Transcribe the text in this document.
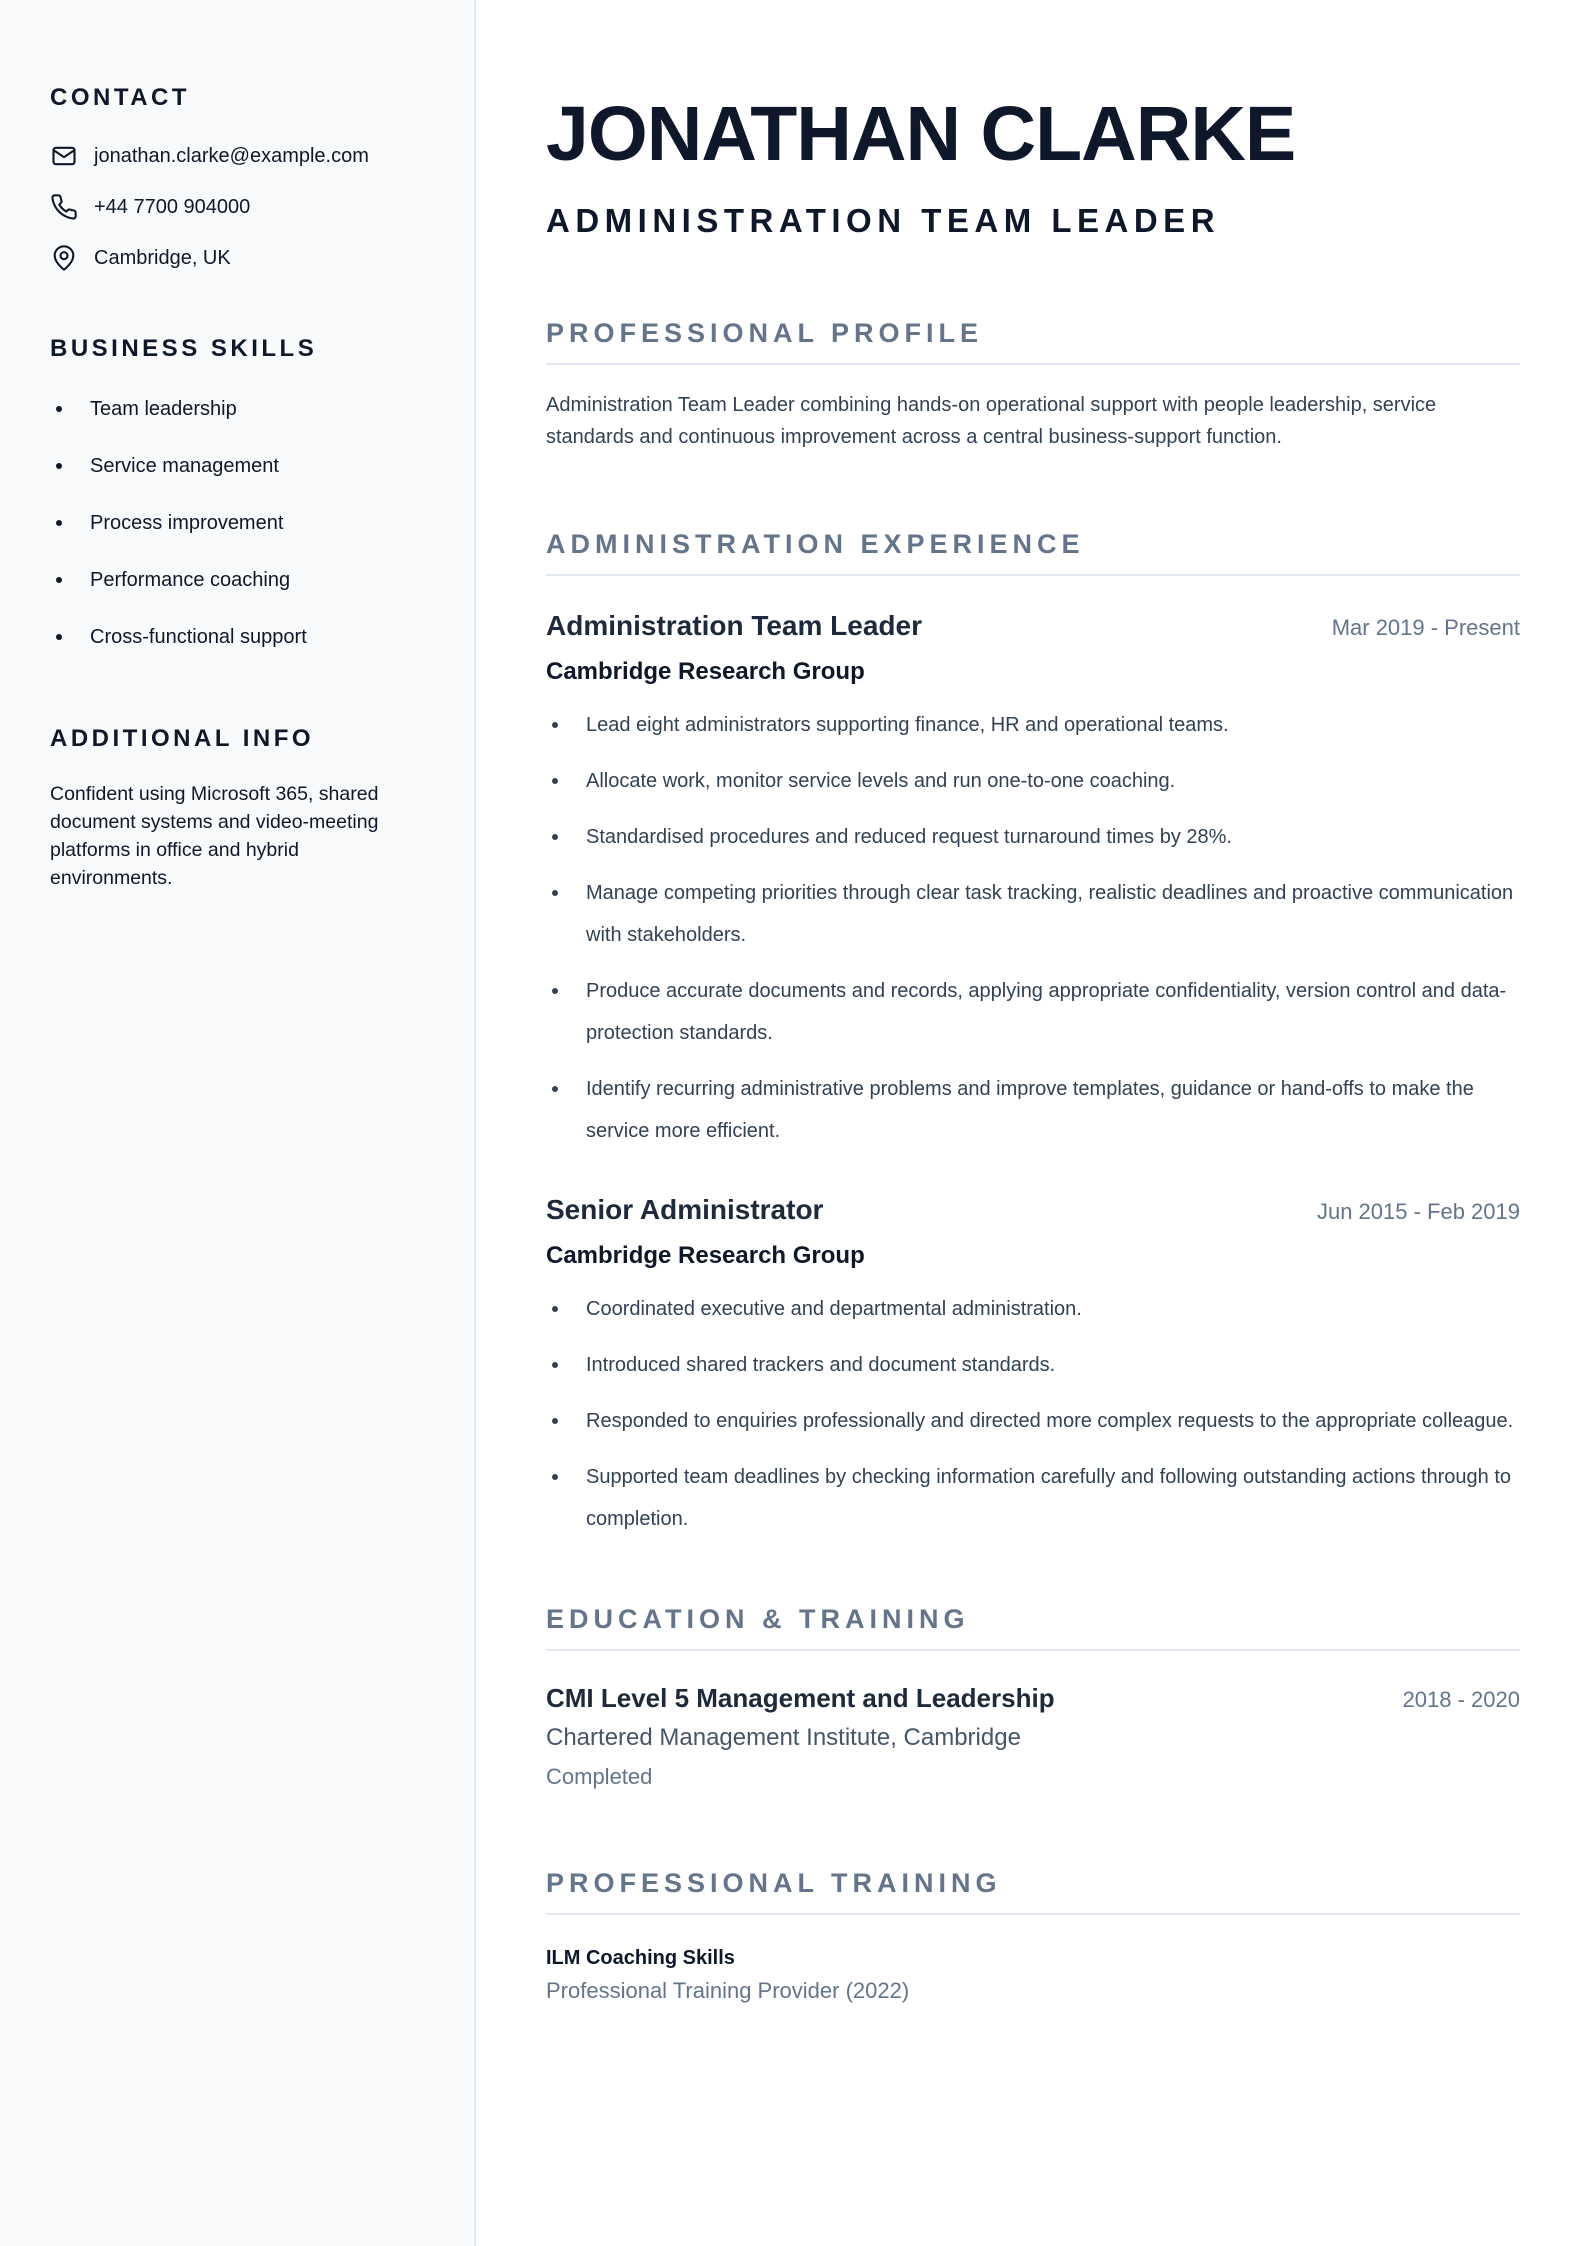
CONTACT
jonathan.clarke@example.com
+44 7700 904000
Cambridge, UK
BUSINESS SKILLS
Team leadership
Service management
Process improvement
Performance coaching
Cross-functional support
ADDITIONAL INFO

Confident using Microsoft 365, shared document systems and video-meeting platforms in office and hybrid environments.

JONATHAN CLARKE
ADMINISTRATION TEAM LEADER
PROFESSIONAL PROFILE

Administration Team Leader combining hands-on operational support with people leadership, service standards and continuous improvement across a central business-support function.

ADMINISTRATION EXPERIENCE
Administration Team Leader	Mar 2019 - Present
Cambridge Research Group
Lead eight administrators supporting finance, HR and operational teams.
Allocate work, monitor service levels and run one-to-one coaching.
Standardised procedures and reduced request turnaround times by 28%.
Manage competing priorities through clear task tracking, realistic deadlines and proactive communication with stakeholders.
Produce accurate documents and records, applying appropriate confidentiality, version control and data-protection standards.
Identify recurring administrative problems and improve templates, guidance or hand-offs to make the service more efficient.
Senior Administrator	Jun 2015 - Feb 2019
Cambridge Research Group
Coordinated executive and departmental administration.
Introduced shared trackers and document standards.
Responded to enquiries professionally and directed more complex requests to the appropriate colleague.
Supported team deadlines by checking information carefully and following outstanding actions through to completion.
EDUCATION & TRAINING
CMI Level 5 Management and Leadership	2018 - 2020
Chartered Management Institute, Cambridge
Completed
PROFESSIONAL TRAINING
ILM Coaching Skills
Professional Training Provider (2022)
